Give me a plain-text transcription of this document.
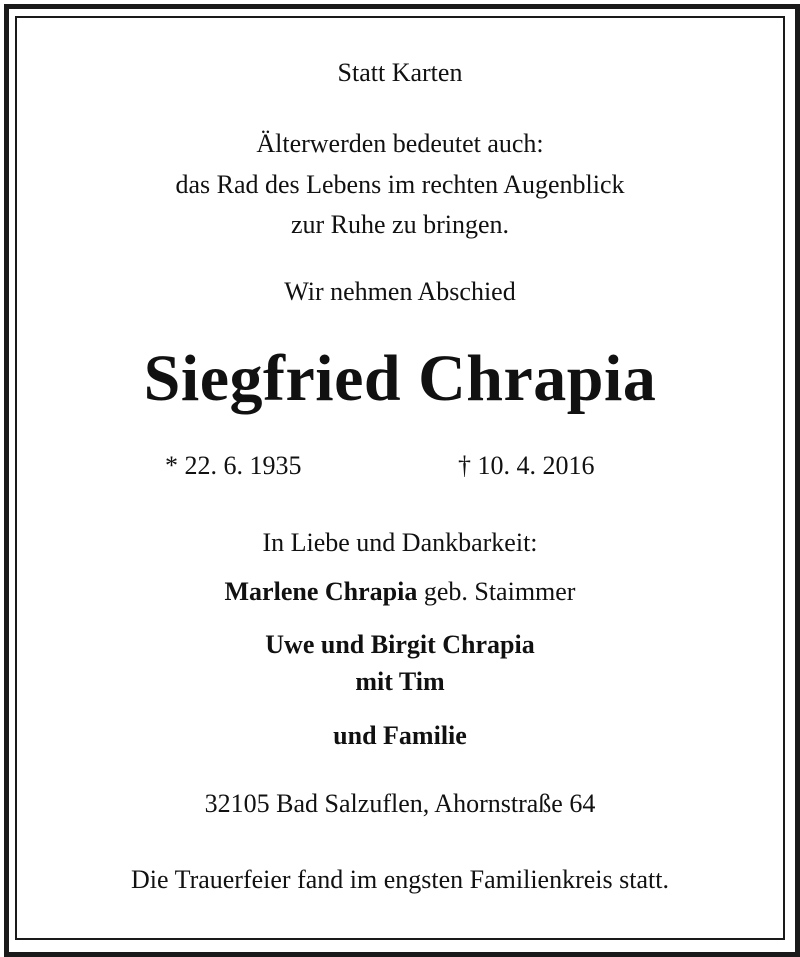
Statt Karten
Älterwerden bedeutet auch:
das Rad des Lebens im rechten Augenblick
zur Ruhe zu bringen.
Wir nehmen Abschied
Siegfried Chrapia
* 22. 6. 1935	† 10. 4. 2016
In Liebe und Dankbarkeit:
Marlene Chrapia geb. Staimmer
Uwe und Birgit Chrapia
mit Tim
und Familie
32105 Bad Salzuflen, Ahornstraße 64
Die Trauerfeier fand im engsten Familienkreis statt.
